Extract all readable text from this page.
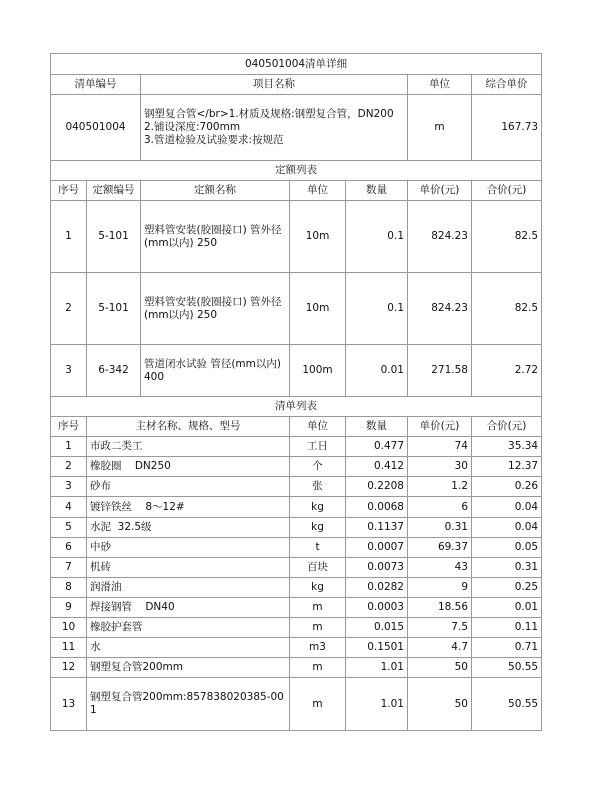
040501004清单详细						
清单编号		项目名称			单位	综合单价
040501004		钢塑复合管</br>1.材质及规格:钢塑复合管，DN200
2.铺设深度:700mm
3.管道检验及试验要求:按规范			m	167.73
定额列表						
序号	定额编号	定额名称	单位	数量	单价(元)	合价(元)
1	5-101	塑料管安装(胶圈接口) 管外径(mm以内) 250	10m	0.1	824.23	82.5
2	5-101	塑料管安装(胶圈接口) 管外径(mm以内) 250	10m	0.1	824.23	82.5
3	6-342	管道闭水试验 管径(mm以内) 400	100m	0.01	271.58	2.72
清单列表						
序号	主材名称、规格、型号		单位	数量	单价(元)	合价(元)
1	市政二类工		工日	0.477	74	35.34
2	橡胶圈    DN250		个	0.412	30	12.37
3	砂布		张	0.2208	1.2	0.26
4	镀锌铁丝    8～12#		kg	0.0068	6	0.04
5	水泥  32.5级		kg	0.1137	0.31	0.04
6	中砂		t	0.0007	69.37	0.05
7	机砖		百块	0.0073	43	0.31
8	润滑油		kg	0.0282	9	0.25
9	焊接钢管    DN40		m	0.0003	18.56	0.01
10	橡胶护套管		m	0.015	7.5	0.11
11	水		m3	0.1501	4.7	0.71
12	钢塑复合管200mm		m	1.01	50	50.55
13	钢塑复合管200mm:857838020385-001		m	1.01	50	50.55
